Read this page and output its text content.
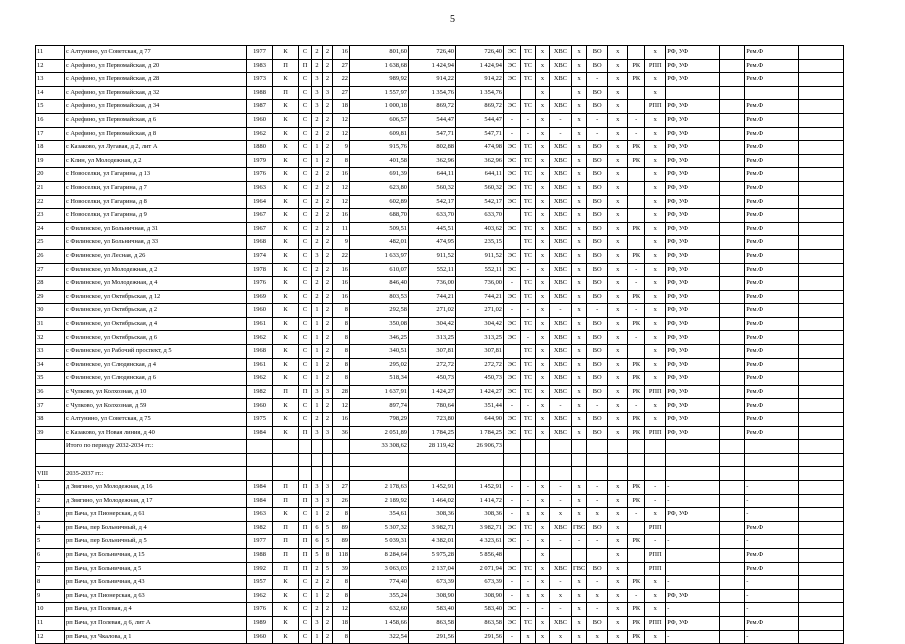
5
11	с Алтунино, ул Советская, д 77	1977	К	С	2	2	16	801,60	726,40	726,40	ЭС	ТС	х	ХВС	х	ВО	х		х	РФ, УФ		Рем.Ф	
12	с Арефино, ул Первомайская, д 20	1983	П	П	2	2	27	1 638,68	1 424,94	1 424,94	ЭС	ТС	х	ХВС	х	ВО	х	РК	РПП	РФ, УФ		Рем.Ф	
13	с Арефино, ул Первомайская, д 28	1973	К	С	3	2	22	989,92	914,22	914,22	ЭС	ТС	х	ХВС	х	-	х	РК	х	РФ, УФ		Рем.Ф	
14	с Арефино, ул Первомайская, д 32	1988	П	С	3	3	27	1 557,97	1 354,76	1 354,76			х		х	ВО	х		х				
15	с Арефино, ул Первомайская, д 34	1987	К	С	3	2	18	1 000,18	869,72	869,72	ЭС	ТС	х	ХВС	х	ВО	х		РПП	РФ, УФ		Рем.Ф	
16	с Арефино, ул Первомайская, д 6	1960	К	С	2	2	12	606,57	544,47	544,47	-	-	х	-	х	-	х	-	х	РФ, УФ		Рем.Ф	
17	с Арефино, ул Первомайская, д 8	1962	К	С	2	2	12	609,81	547,71	547,71	-	-	х	-	х	-	х	-	х	РФ, УФ		Рем.Ф	
18	с Казаково, ул Лугавая, д 2, лит А	1880	К	С	1	2	9	915,76	802,88	474,98	ЭС	ТС	х	ХВС	х	ВО	х	РК	х	РФ, УФ		Рем.Ф	
19	с Клин, ул Молодежная, д 2	1979	К	С	1	2	8	401,58	362,96	362,96	ЭС	ТС	х	ХВС	х	ВО	х	РК	х	РФ, УФ		Рем.Ф	
20	с Новоселки, ул Гагарина, д 13	1976	К	С	2	2	16	691,39	644,11	644,11	ЭС	ТС	х	ХВС	х	ВО	х		х	РФ, УФ		Рем.Ф	
21	с Новоселки, ул Гагарина, д 7	1963	К	С	2	2	12	623,80	560,32	560,32	ЭС	ТС	х	ХВС	х	ВО	х		х	РФ, УФ		Рем.Ф	
22	с Новоселки, ул Гагарина, д 8	1964	К	С	2	2	12	602,89	542,17	542,17	ЭС	ТС	х	ХВС	х	ВО	х		х	РФ, УФ		Рем.Ф	
23	с Новоселки, ул Гагарина, д 9	1967	К	С	2	2	16	688,70	633,70	633,70		ТС	х	ХВС	х	ВО	х		х	РФ, УФ		Рем.Ф	
24	с Филинское, ул Больничная, д 31	1967	К	С	2	2	11	509,51	445,51	403,62	ЭС	ТС	х	ХВС	х	ВО	х	РК	х	РФ, УФ		Рем.Ф	
25	с Филинское, ул Больничная, д 33	1968	К	С	2	2	9	482,01	474,95	235,15		ТС	х	ХВС	х	ВО	х		х	РФ, УФ		Рем.Ф	
26	с Филинское, ул Лесная, д 26	1974	К	С	3	2	22	1 633,97	911,52	911,52	ЭС	ТС	х	ХВС	х	ВО	х	РК	х	РФ, УФ		Рем.Ф	
27	с Филинское, ул Молодежная, д 2	1978	К	С	2	2	16	610,07	552,11	552,11	ЭС	-	х	ХВС	х	ВО	х	-	х	РФ, УФ		Рем.Ф	
28	с Филинское, ул Молодежная, д 4	1976	К	С	2	2	16	846,40	736,00	736,00	-	ТС	х	ХВС	х	ВО	х	-	х	РФ, УФ		Рем.Ф	
29	с Филинское, ул Октябрьская, д 12	1969	К	С	2	2	16	803,53	744,21	744,21	ЭС	ТС	х	ХВС	х	ВО	х	РК	х	РФ, УФ		Рем.Ф	
30	с Филинское, ул Октябрьская, д 2	1960	К	С	1	2	8	292,58	271,02	271,02	-	-	х	-	х	-	х	-	х	РФ, УФ		Рем.Ф	
31	с Филинское, ул Октябрьская, д 4	1961	К	С	1	2	8	350,08	304,42	304,42	ЭС	ТС	х	ХВС	х	ВО	х	РК	х	РФ, УФ		Рем.Ф	
32	с Филинское, ул Октябрьская, д 6	1962	К	С	1	2	8	346,25	313,25	313,25	ЭС	-	х	ХВС	х	ВО	х	-	х	РФ, УФ		Рем.Ф	
33	с Филинское, ул Рабочий проспект, д 5	1968	К	С	1	2	8	340,51	307,81	307,81		ТС	х	ХВС	х	ВО	х		х	РФ, УФ		Рем.Ф	
34	с Филинское, ул Слюдянская, д 4	1961	К	С	1	2	8	295,02	272,72	272,72	ЭС	ТС	х	ХВС	х	ВО	х	РК	х	РФ, УФ		Рем.Ф	
35	с Филинское, ул Слюдянская, д 6	1962	К	С	1	2	8	518,34	450,73	450,73	ЭС	ТС	х	ХВС	х	ВО	х	РК	х	РФ, УФ		Рем.Ф	
36	с Чулково, ул Колхозная, д 10	1982	П	П	3	3	28	1 637,91	1 424,27	1 424,27	ЭС	ТС	х	ХВС	х	ВО	х	РК	РПП	РФ, УФ		Рем.Ф	
37	с Чулково, ул Колхозная, д 59	1960	К	С	1	2	12	897,74	780,64	351,44	-	-	х	-	х	-	х	-	х	РФ, УФ		Рем.Ф	
38	с Алтунино, ул Советская, д 75	1975	К	С	2	2	16	798,29	723,80	644,90	ЭС	ТС	х	ХВС	х	ВО	х	РК	х	РФ, УФ		Рем.Ф	
39	с Казаково, ул Новая линия, д 40	1984	К	П	3	3	36	2 051,89	1 784,25	1 784,25	ЭС	ТС	х	ХВС	х	ВО	х	РК	РПП	РФ, УФ		Рем.Ф	
	Итого по периоду 2032-2034 гг.:							33 308,62	28 119,42	26 906,73													

VIII	2035-2037 гг.:																						
1	д Звягино, ул Молодежная, д 16	1984	П	П	3	3	27	2 178,63	1 452,91	1 452,91	-	-	х	-	х	-	х	РК	-	-		-	
2	д Звягино, ул Молодежная, д 17	1984	П	П	3	3	26	2 189,92	1 464,02	1 414,72	-	-	х	-	х	-	х	РК	-	-		-	
3	рп Вача, ул Пионерская, д 61	1963	К	С	1	2	8	354,61	308,36	308,36	-	х	х	х	х	х	х	-	х	РФ, УФ		-	
4	рп Вача, пер Больничный, д 4	1982	П	П	6	5	89	5 307,32	3 982,71	3 982,71	ЭС	ТС	х	ХВС	ГВС	ВО	х		РПП			Рем.Ф	
5	рп Вача, пер Больничный, д 5	1977	П	П	6	5	89	5 039,31	4 382,01	4 323,61	ЭС	-	х	-	-	-	х	РК	-	-		-	
6	рп Вача, ул Больничная, д 15	1988	П	П	5	8	118	8 284,64	5 975,28	5 856,48			х				х		РПП			Рем.Ф	
7	рп Вача, ул Больничная, д 5	1992	П	П	2	5	39	3 063,03	2 137,04	2 071,94	ЭС	ТС	х	ХВС	ГВС	ВО	х		РПП			Рем.Ф	
8	рп Вача, ул Больничная, д 43	1957	К	С	2	2	8	774,40	673,39	673,39	-	-	х	-	х	-	х	РК	х	-		-	
9	рп Вача, ул Пионерская, д 63	1962	К	С	1	2	8	355,24	308,90	308,90	-	х	х	х	х	х	х	-	х	РФ, УФ		-	
10	рп Вача, ул Полевая, д 4	1976	К	С	2	2	12	632,60	583,40	583,40	ЭС	-	-	-	х	-	х	РК	х	-		-	
11	рп Вача, ул Полевая, д 6, лит А	1989	К	С	3	2	18	1 458,66	863,58	863,58	ЭС	ТС	х	ХВС	х	ВО	х	РК	РПП	РФ, УФ		Рем.Ф	
12	рп Вача, ул Чкалова, д 1	1960	К	С	1	2	8	322,54	291,56	291,56	-	х	х	х	х	х	х	РК	х	-		-	
